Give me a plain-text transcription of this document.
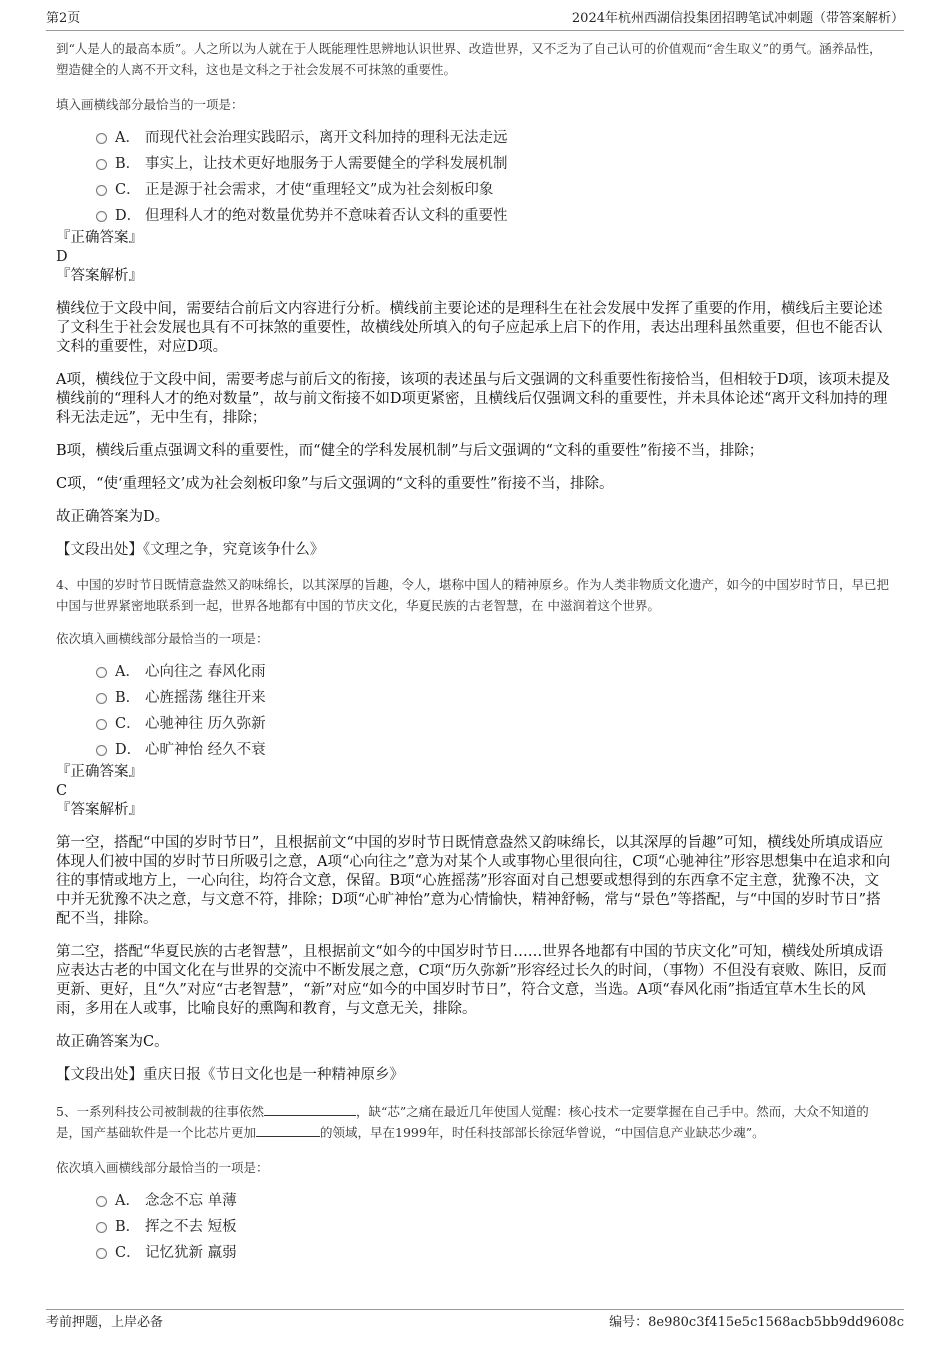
第2页	2024年杭州西湖信投集团招聘笔试冲刺题（带答案解析）

到“人是人的最高本质”。人之所以为人就在于人既能理性思辨地认识世界、改造世界，又不乏为了自己认可的价值观而“舍生取义”的勇气。涵养品性，塑造健全的人离不开文科，这也是文科之于社会发展不可抹煞的重要性。

填入画横线部分最恰当的一项是：

A． 而现代社会治理实践昭示，离开文科加持的理科无法走远
B． 事实上，让技术更好地服务于人需要健全的学科发展机制
C． 正是源于社会需求，才使“重理轻文”成为社会刻板印象
D． 但理科人才的绝对数量优势并不意味着否认文科的重要性

『正确答案』

D

『答案解析』

横线位于文段中间，需要结合前后文内容进行分析。横线前主要论述的是理科生在社会发展中发挥了重要的作用，横线后主要论述了文科生于社会发展也具有不可抹煞的重要性，故横线处所填入的句子应起承上启下的作用，表达出理科虽然重要，但也不能否认文科的重要性，对应D项。

A项，横线位于文段中间，需要考虑与前后文的衔接，该项的表述虽与后文强调的文科重要性衔接恰当，但相较于D项，该项未提及横线前的“理科人才的绝对数量”，故与前文衔接不如D项更紧密，且横线后仅强调文科的重要性，并未具体论述“离开文科加持的理科无法走远”，无中生有，排除；

B项，横线后重点强调文科的重要性，而“健全的学科发展机制”与后文强调的“文科的重要性”衔接不当，排除；

C项，“使‘重理轻文’成为社会刻板印象”与后文强调的“文科的重要性”衔接不当，排除。

故正确答案为D。

【文段出处】《文理之争，究竟该争什么》

4、中国的岁时节日既情意盎然又韵味绵长，以其深厚的旨趣，令人，堪称中国人的精神原乡。作为人类非物质文化遗产，如今的中国岁时节日，早已把中国与世界紧密地联系到一起，世界各地都有中国的节庆文化，华夏民族的古老智慧，在 中滋润着这个世界。

依次填入画横线部分最恰当的一项是：

A． 心向往之 春风化雨
B． 心旌摇荡 继往开来
C． 心驰神往 历久弥新
D． 心旷神怡 经久不衰

『正确答案』

C

『答案解析』

第一空，搭配“中国的岁时节日”，且根据前文“中国的岁时节日既情意盎然又韵味绵长，以其深厚的旨趣”可知，横线处所填成语应体现人们被中国的岁时节日所吸引之意，A项“心向往之”意为对某个人或事物心里很向往，C项“心驰神往”形容思想集中在追求和向往的事情或地方上，一心向往，均符合文意，保留。B项“心旌摇荡”形容面对自己想要或想得到的东西拿不定主意，犹豫不决，文中并无犹豫不决之意，与文意不符，排除；D项“心旷神怡”意为心情愉快，精神舒畅，常与“景色”等搭配，与“中国的岁时节日”搭配不当，排除。

第二空，搭配“华夏民族的古老智慧”，且根据前文“如今的中国岁时节日……世界各地都有中国的节庆文化”可知，横线处所填成语应表达古老的中国文化在与世界的交流中不断发展之意，C项“历久弥新”形容经过长久的时间，（事物）不但没有衰败、陈旧，反而更新、更好，且“久”对应“古老智慧”，“新”对应“如今的中国岁时节日”，符合文意，当选。A项“春风化雨”指适宜草木生长的风雨，多用在人或事，比喻良好的熏陶和教育，与文意无关，排除。

故正确答案为C。

【文段出处】重庆日报《节日文化也是一种精神原乡》

5、一系列科技公司被制裁的往事依然	，缺“芯”之痛在最近几年使国人觉醒：核心技术一定要掌握在自己手中。然而，大众不知道的是，国产基础软件是一个比芯片更加	的领域，早在1999年，时任科技部部长徐冠华曾说，“中国信息产业缺芯少魂”。

依次填入画横线部分最恰当的一项是：

A． 念念不忘 单薄
B． 挥之不去 短板
C． 记忆犹新 羸弱
考前押题，上岸必备	编号：8e980c3f415e5c1568acb5bb9dd9608c
